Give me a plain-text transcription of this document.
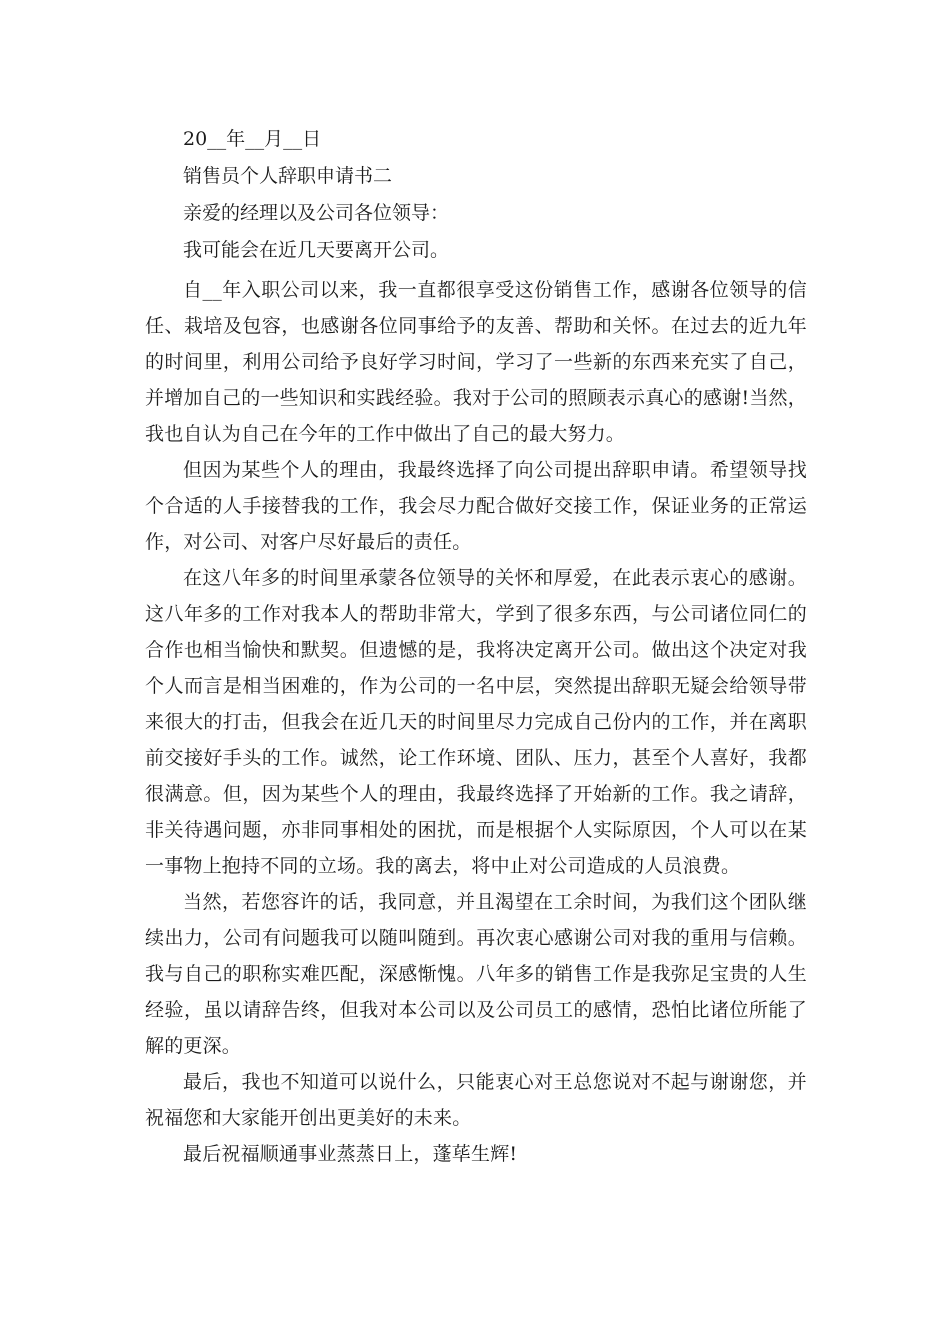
20__年__月__日
销售员个人辞职申请书二
亲爱的经理以及公司各位领导：
我可能会在近几天要离开公司。

自__年入职公司以来，我一直都很享受这份销售工作，感谢各位领导的信任、栽培及包容，也感谢各位同事给予的友善、帮助和关怀。在过去的近九年的时间里，利用公司给予良好学习时间，学习了一些新的东西来充实了自己，并增加自己的一些知识和实践经验。我对于公司的照顾表示真心的感谢!当然，我也自认为自己在今年的工作中做出了自己的最大努力。

但因为某些个人的理由，我最终选择了向公司提出辞职申请。希望领导找个合适的人手接替我的工作，我会尽力配合做好交接工作，保证业务的正常运作，对公司、对客户尽好最后的责任。

在这八年多的时间里承蒙各位领导的关怀和厚爱，在此表示衷心的感谢。这八年多的工作对我本人的帮助非常大，学到了很多东西，与公司诸位同仁的合作也相当愉快和默契。但遗憾的是，我将决定离开公司。做出这个决定对我个人而言是相当困难的，作为公司的一名中层，突然提出辞职无疑会给领导带来很大的打击，但我会在近几天的时间里尽力完成自己份内的工作，并在离职前交接好手头的工作。诚然，论工作环境、团队、压力，甚至个人喜好，我都很满意。但，因为某些个人的理由，我最终选择了开始新的工作。我之请辞，非关待遇问题，亦非同事相处的困扰，而是根据个人实际原因，个人可以在某一事物上抱持不同的立场。我的离去，将中止对公司造成的人员浪费。

当然，若您容许的话，我同意，并且渴望在工余时间，为我们这个团队继续出力，公司有问题我可以随叫随到。再次衷心感谢公司对我的重用与信赖。我与自己的职称实难匹配，深感惭愧。八年多的销售工作是我弥足宝贵的人生经验，虽以请辞告终，但我对本公司以及公司员工的感情，恐怕比诸位所能了解的更深。

最后，我也不知道可以说什么，只能衷心对王总您说对不起与谢谢您，并祝福您和大家能开创出更美好的未来。

最后祝福顺通事业蒸蒸日上，蓬荜生辉!
